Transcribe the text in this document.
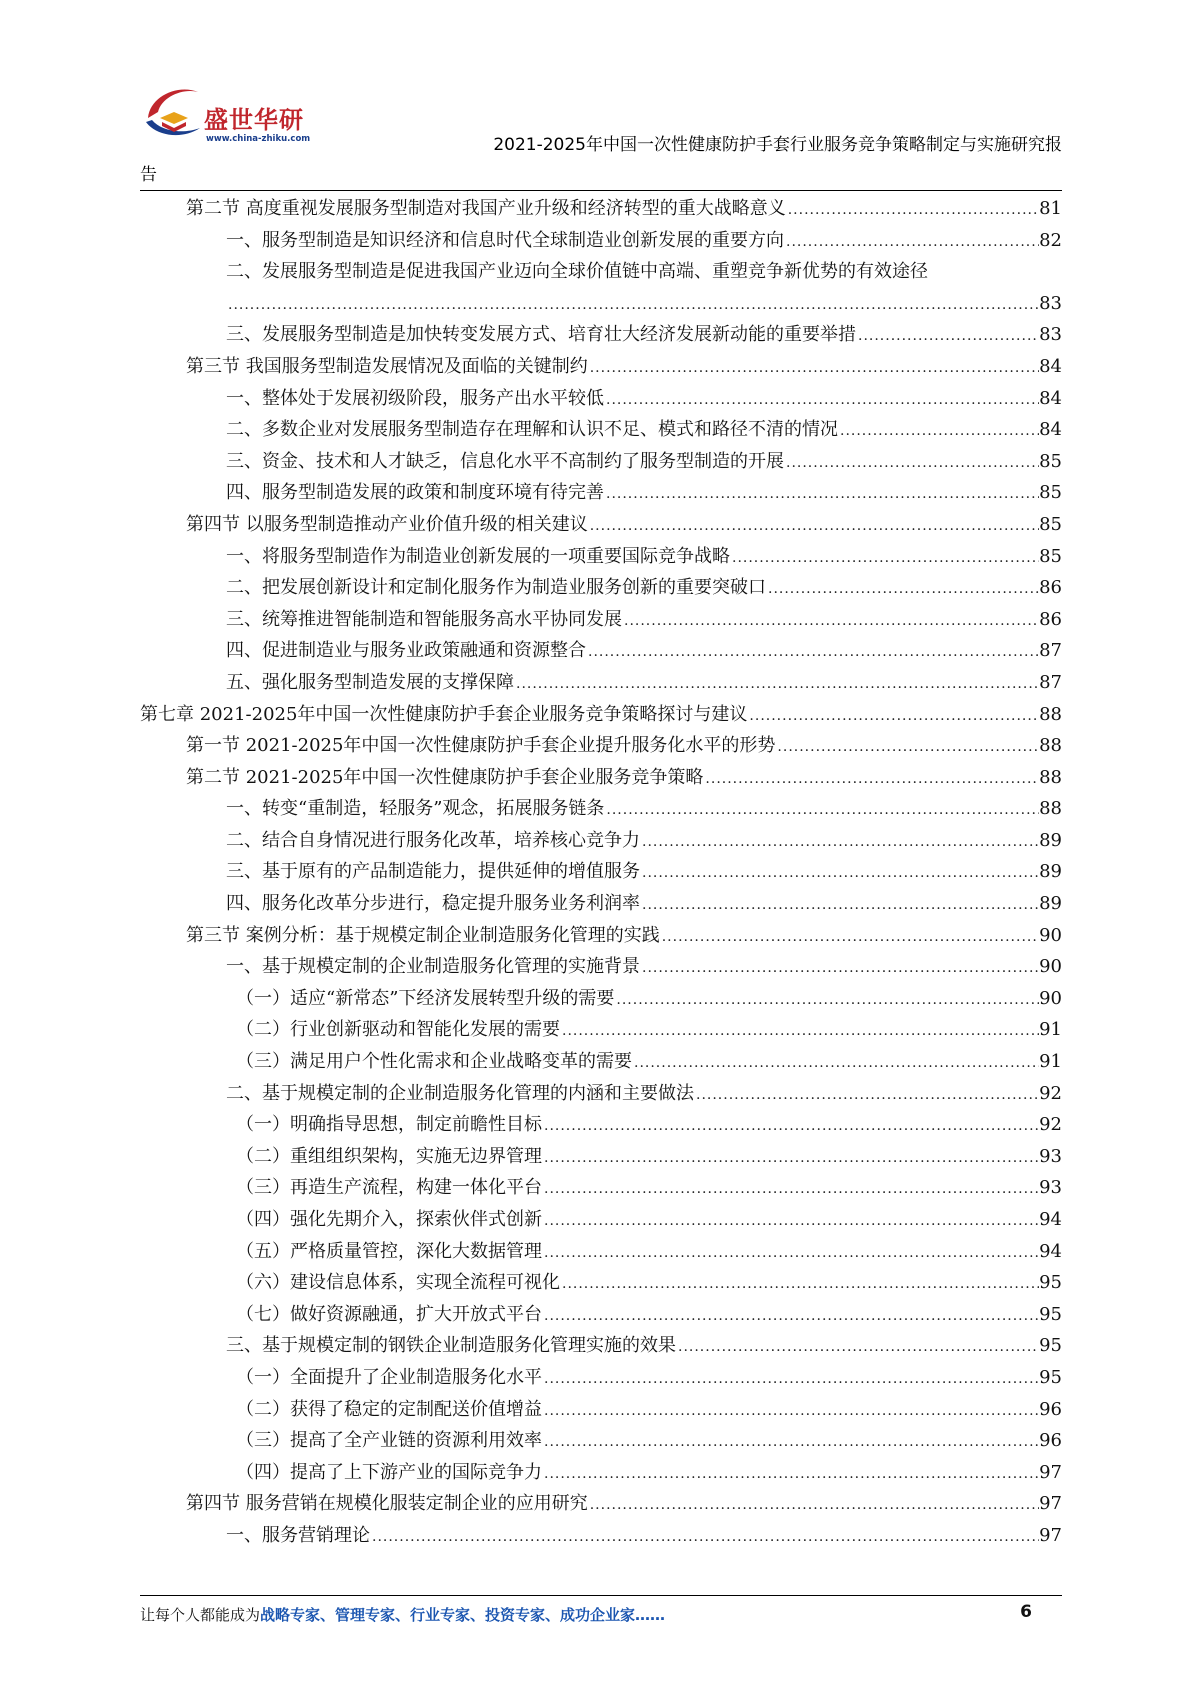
盛世华研
www.china-zhiku.com	2021-2025年中国一次性健康防护手套行业服务竞争策略制定与实施研究报
告
第二节 高度重视发展服务型制造对我国产业升级和经济转型的重大战略意义 .....	81
一、服务型制造是知识经济和信息时代全球制造业创新发展的重要方向 .....	82
二、发展服务型制造是促进我国产业迈向全球价值链中高端、重塑竞争新优势的有效途径
.....
83
三、发展服务型制造是加快转变发展方式、培育壮大经济发展新动能的重要举措 .....	83
第三节 我国服务型制造发展情况及面临的关键制约 .....	84
一、整体处于发展初级阶段，服务产出水平较低 .....	84
二、多数企业对发展服务型制造存在理解和认识不足、模式和路径不清的情况 .....	84
三、资金、技术和人才缺乏，信息化水平不高制约了服务型制造的开展 .....	85
四、服务型制造发展的政策和制度环境有待完善 .....	85
第四节 以服务型制造推动产业价值升级的相关建议 .....	85
一、将服务型制造作为制造业创新发展的一项重要国际竞争战略 .....	85
二、把发展创新设计和定制化服务作为制造业服务创新的重要突破口 .....	86
三、统筹推进智能制造和智能服务高水平协同发展 .....	86
四、促进制造业与服务业政策融通和资源整合 .....	87
五、强化服务型制造发展的支撑保障 .....	87
第七章 2021-2025年中国一次性健康防护手套企业服务竞争策略探讨与建议 .....	88
第一节 2021-2025年中国一次性健康防护手套企业提升服务化水平的形势 .....	88
第二节 2021-2025年中国一次性健康防护手套企业服务竞争策略 .....	88
一、转变“重制造，轻服务”观念，拓展服务链条 .....	88
二、结合自身情况进行服务化改革，培养核心竞争力 .....	89
三、基于原有的产品制造能力，提供延伸的增值服务 .....	89
四、服务化改革分步进行，稳定提升服务业务利润率 .....	89
第三节 案例分析：基于规模定制企业制造服务化管理的实践 .....	90
一、基于规模定制的企业制造服务化管理的实施背景 .....	90
（一）适应“新常态”下经济发展转型升级的需要 .....	90
（二）行业创新驱动和智能化发展的需要 .....	91
（三）满足用户个性化需求和企业战略变革的需要 .....	91
二、基于规模定制的企业制造服务化管理的内涵和主要做法 .....	92
（一）明确指导思想，制定前瞻性目标 .....	92
（二）重组组织架构，实施无边界管理 .....	93
（三）再造生产流程，构建一体化平台 .....	93
（四）强化先期介入，探索伙伴式创新 .....	94
（五）严格质量管控，深化大数据管理 .....	94
（六）建设信息体系，实现全流程可视化 .....	95
（七）做好资源融通，扩大开放式平台 .....	95
三、基于规模定制的钢铁企业制造服务化管理实施的效果 .....	95
（一）全面提升了企业制造服务化水平 .....	95
（二）获得了稳定的定制配送价值增益 .....	96
（三）提高了全产业链的资源利用效率 .....	96
（四）提高了上下游产业的国际竞争力 .....	97
第四节 服务营销在规模化服装定制企业的应用研究 .....	97
一、服务营销理论 .....	97
让每个人都能成为战略专家、管理专家、行业专家、投资专家、成功企业家……	6
